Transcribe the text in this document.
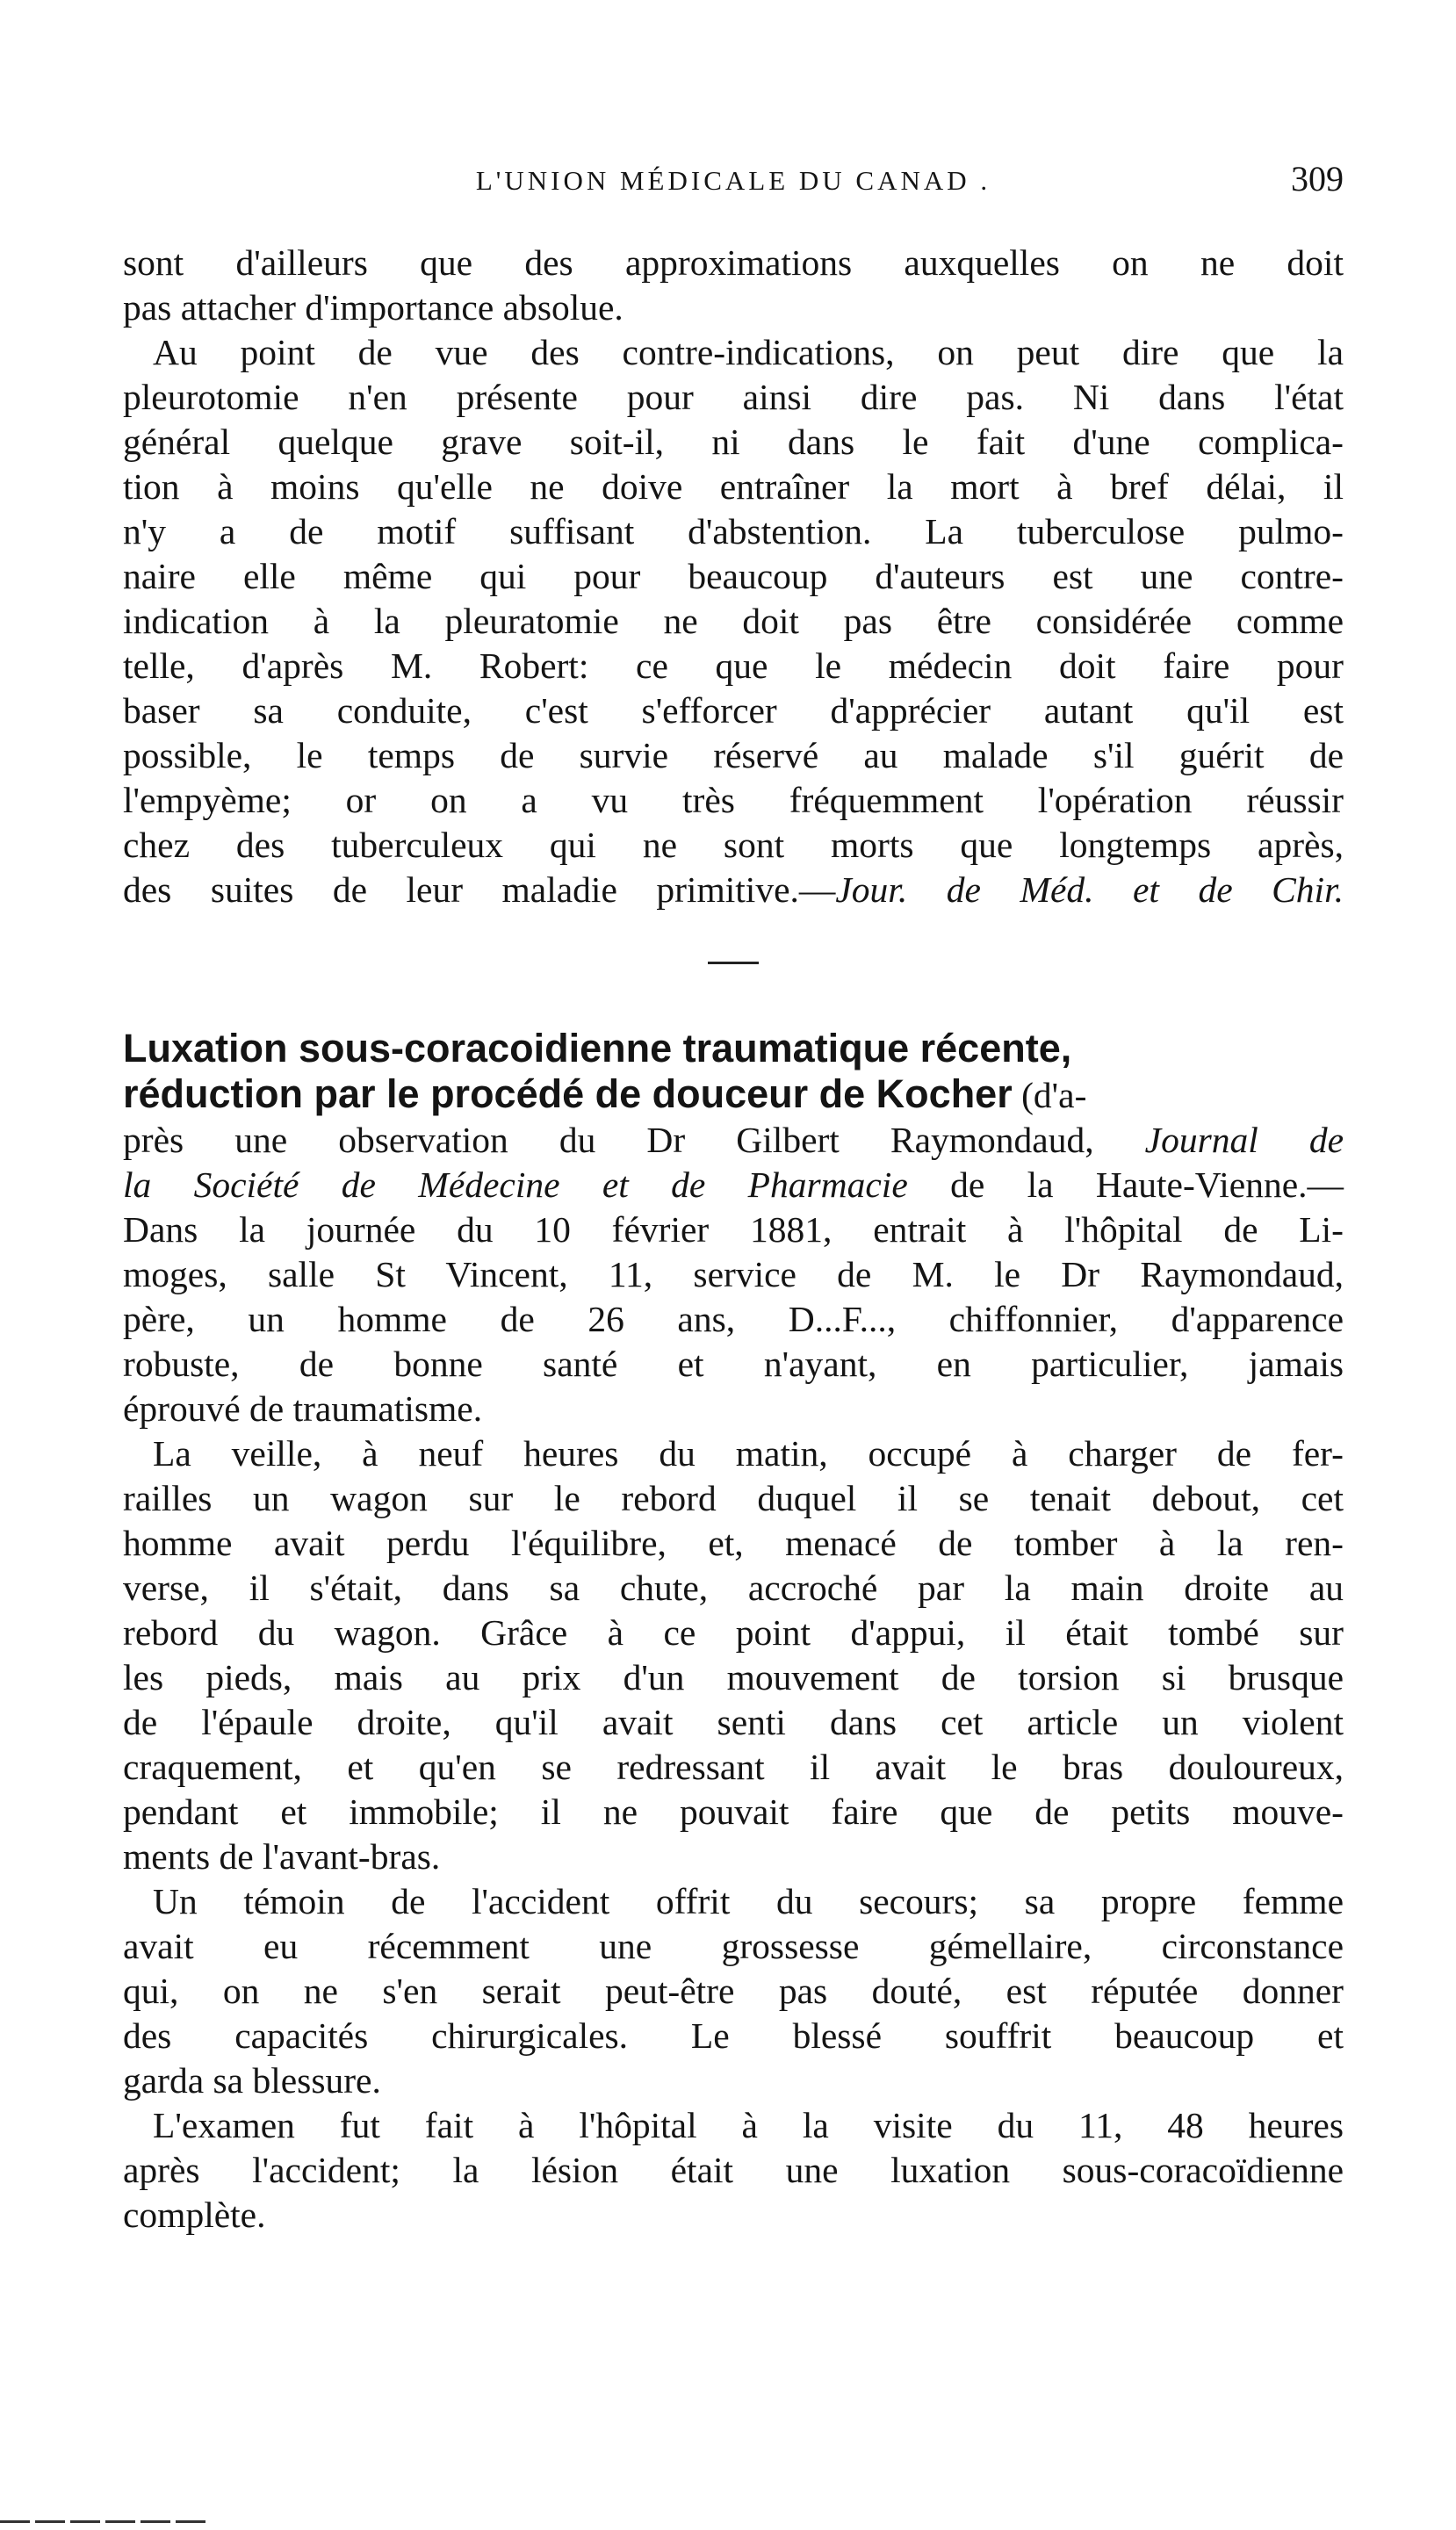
L'UNION MÉDICALE DU CANAD .	309
sont d'ailleurs que des approximations auxquelles on ne doit
pas attacher d'importance absolue.
Au point de vue des contre-indications, on peut dire que la
pleurotomie n'en présente pour ainsi dire pas. Ni dans l'état
général quelque grave soit-il, ni dans le fait d'une complica-
tion à moins qu'elle ne doive entraîner la mort à bref délai, il
n'y a de motif suffisant d'abstention. La tuberculose pulmo-
naire elle même qui pour beaucoup d'auteurs est une contre-
indication à la pleuratomie ne doit pas être considérée comme
telle, d'après M. Robert: ce que le médecin doit faire pour
baser sa conduite, c'est s'efforcer d'apprécier autant qu'il est
possible, le temps de survie réservé au malade s'il guérit de
l'empyème; or on a vu très fréquemment l'opération réussir
chez des tuberculeux qui ne sont morts que longtemps après,
des suites de leur maladie primitive.—Jour. de Méd. et de Chir.
Luxation sous-coracoidienne traumatique récente,
réduction par le procédé de douceur de Kocher (d'a-
près une observation du Dr Gilbert Raymondaud, Journal de
la Société de Médecine et de Pharmacie de la Haute-Vienne.—
Dans la journée du 10 février 1881, entrait à l'hôpital de Li-
moges, salle St Vincent, 11, service de M. le Dr Raymondaud,
père, un homme de 26 ans, D...F..., chiffonnier, d'apparence
robuste, de bonne santé et n'ayant, en particulier, jamais
éprouvé de traumatisme.
La veille, à neuf heures du matin, occupé à charger de fer-
railles un wagon sur le rebord duquel il se tenait debout, cet
homme avait perdu l'équilibre, et, menacé de tomber à la ren-
verse, il s'était, dans sa chute, accroché par la main droite au
rebord du wagon. Grâce à ce point d'appui, il était tombé sur
les pieds, mais au prix d'un mouvement de torsion si brusque
de l'épaule droite, qu'il avait senti dans cet article un violent
craquement, et qu'en se redressant il avait le bras douloureux,
pendant et immobile; il ne pouvait faire que de petits mouve-
ments de l'avant-bras.
Un témoin de l'accident offrit du secours; sa propre femme
avait eu récemment une grossesse gémellaire, circonstance
qui, on ne s'en serait peut-être pas douté, est réputée donner
des capacités chirurgicales. Le blessé souffrit beaucoup et
garda sa blessure.
L'examen fut fait à l'hôpital à la visite du 11, 48 heures
après l'accident; la lésion était une luxation sous-coracoïdienne
complète.
